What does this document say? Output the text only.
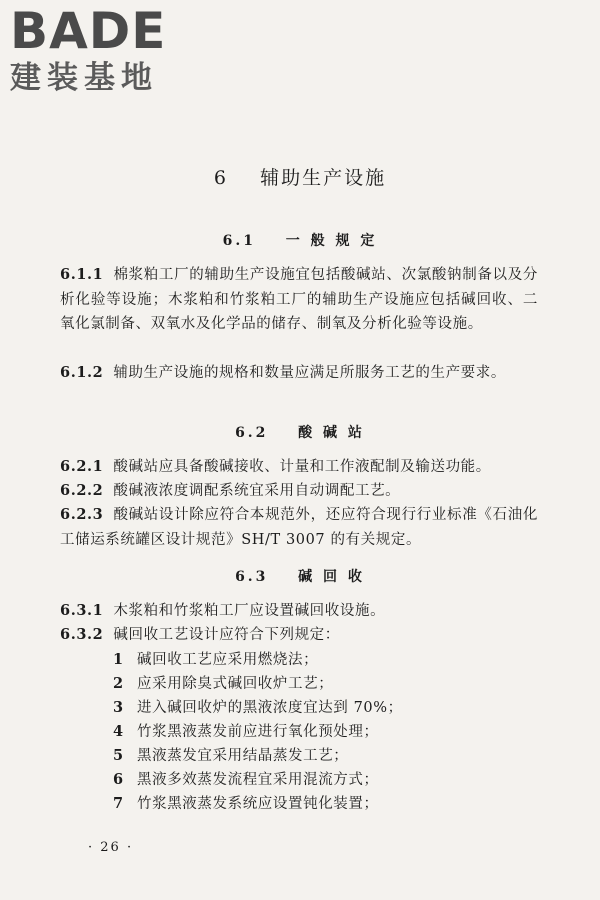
BADE
建装基地
6 辅助生产设施
6.1 一 般 规 定
6.1.1 棉浆粕工厂的辅助生产设施宜包括酸碱站、次氯酸钠制备以及分析化验等设施；木浆粕和竹浆粕工厂的辅助生产设施应包括碱回收、二氧化氯制备、双氧水及化学品的储存、制氧及分析化验等设施。
6.1.2 辅助生产设施的规格和数量应满足所服务工艺的生产要求。
6.2 酸 碱 站
6.2.1 酸碱站应具备酸碱接收、计量和工作液配制及输送功能。
6.2.2 酸碱液浓度调配系统宜采用自动调配工艺。
6.2.3 酸碱站设计除应符合本规范外，还应符合现行行业标准《石油化工储运系统罐区设计规范》SH/T 3007 的有关规定。
6.3 碱 回 收
6.3.1 木浆粕和竹浆粕工厂应设置碱回收设施。
6.3.2 碱回收工艺设计应符合下列规定：
1 碱回收工艺应采用燃烧法；
2 应采用除臭式碱回收炉工艺；
3 进入碱回收炉的黑液浓度宜达到 70%；
4 竹浆黑液蒸发前应进行氧化预处理；
5 黑液蒸发宜采用结晶蒸发工艺；
6 黑液多效蒸发流程宜采用混流方式；
7 竹浆黑液蒸发系统应设置钝化装置；
· 26 ·
